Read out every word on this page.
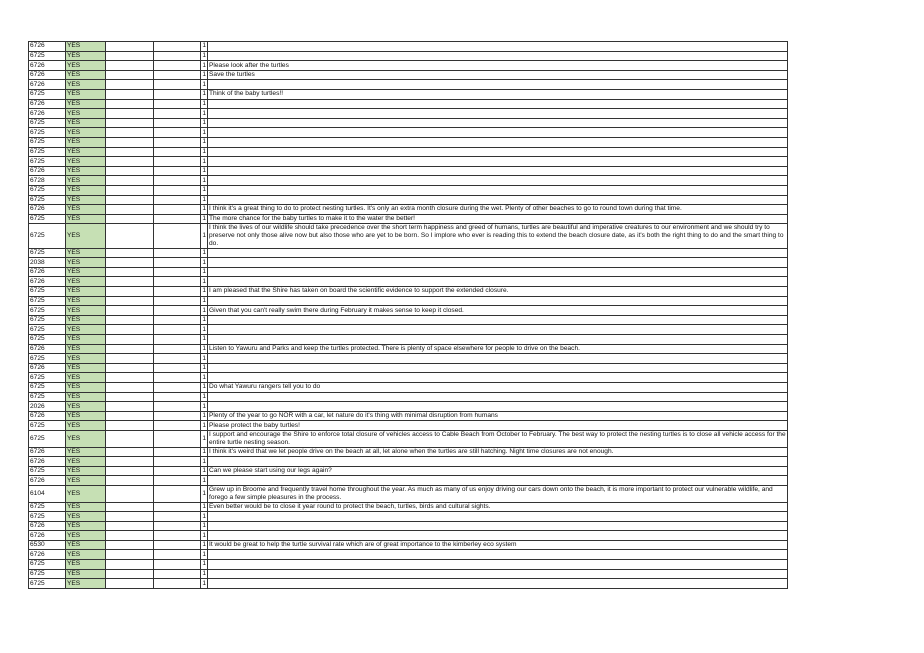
6726	YES			1	
6725	YES			1	
6726	YES			1	Please look after the turtles
6726	YES			1	Save the turtles
6726	YES			1	
6725	YES			1	Think of the baby turtles!!
6726	YES			1	
6726	YES			1	
6725	YES			1	
6725	YES			1	
6725	YES			1	
6725	YES			1	
6725	YES			1	
6726	YES			1	
6728	YES			1	
6725	YES			1	
6725	YES			1	
6726	YES			1	I think it's a great thing to do to protect nesting turtles. It's only an extra month closure during the wet. Plenty of other beaches to go to round town during that time.
6725	YES			1	The more chance for the baby turtles to make it to the water the better!
6725	YES			1	I think the lives of our wildlife should take precedence over the short term happiness and greed of humans, turtles are beautiful and imperative creatures to our environment and we should try to preserve not only those alive now but also those who are yet to be born. So I implore who ever is reading this to extend the beach closure date, as it's both the right thing to do and the smart thing to do.
6725	YES			1	
2038	YES			1	
6726	YES			1	
6726	YES			1	
6725	YES			1	I am pleased that the Shire has taken on board the scientific evidence to support the extended closure.
6725	YES			1	
6725	YES			1	Given that you can't really swim there during February it makes sense to keep it closed.
6725	YES			1	
6725	YES			1	
6725	YES			1	
6726	YES			1	Listen to Yawuru and Parks and keep the turtles protected. There is plenty of space elsewhere for people to drive on the beach.
6725	YES			1	
6726	YES			1	
6725	YES			1	
6725	YES			1	Do what Yawuru rangers tell you to do
6725	YES			1	
2026	YES			1	
6726	YES			1	Plenty of the year to go NOR with a car, let nature do it's thing with minimal disruption from humans
6725	YES			1	Please protect the baby turtles!
6725	YES			1	I support and encourage the Shire to enforce total closure of vehicles access to Cable Beach from October to February. The best way to protect the nesting turtles is to close all vehicle access for the entire turtle nesting season.
6726	YES			1	I think it's weird that we let people drive on the beach at all, let alone when the turtles are still hatching. Night time closures are not enough.
6726	YES			1	
6725	YES			1	Can we please start using our legs again?
6726	YES			1	
6104	YES			1	Grew up in Broome and frequently travel home throughout the year. As much as many of us enjoy driving our cars down onto the beach, it is more important to protect our vulnerable wildlife, and forego a few simple pleasures in the process.
6725	YES			1	Even better would be to close it year round to protect the beach, turtles, birds and cultural sights.
6725	YES			1	
6726	YES			1	
6726	YES			1	
6530	YES			1	It would be great to help the turtle survival rate which are of great importance to the kimberley eco system
6726	YES			1	
6725	YES			1	
6725	YES			1	
6725	YES			1	
